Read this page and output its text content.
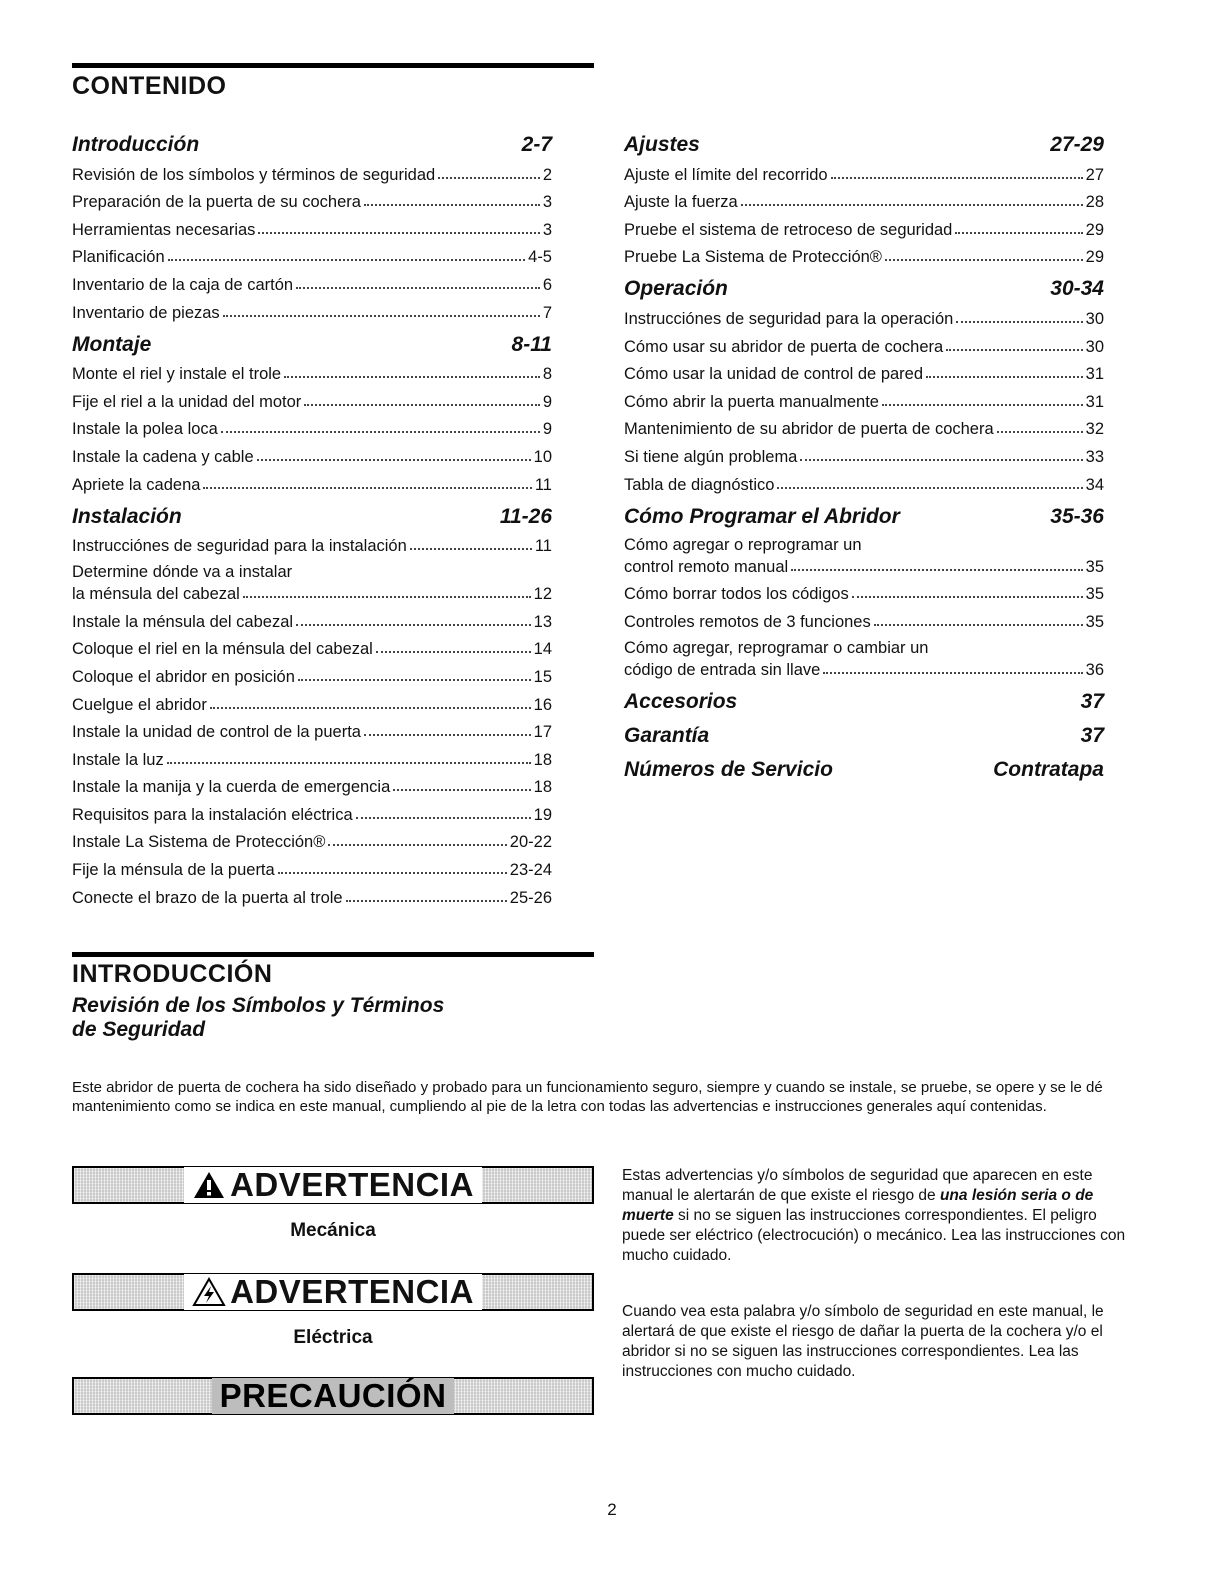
CONTENIDO
Introducción	2-7
Revisión de los símbolos y términos de seguridad	2
Preparación de la puerta de su cochera	3
Herramientas necesarias	3
Planificación	4-5
Inventario de la caja de cartón	6
Inventario de piezas	7
Montaje	8-11
Monte el riel y instale el trole	8
Fije el riel a la unidad del motor	9
Instale la polea loca	9
Instale la cadena y cable	10
Apriete la cadena	11
Instalación	11-26
Instrucciónes de seguridad para la instalación	11
Determine dónde va a instalar
la ménsula del cabezal	12
Instale la ménsula del cabezal	13
Coloque el riel en la ménsula del cabezal	14
Coloque el abridor en posición	15
Cuelgue el abridor	16
Instale la unidad de control de la puerta	17
Instale la luz	18
Instale la manija y la cuerda de emergencia	18
Requisitos para la instalación eléctrica	19
Instale La Sistema de Protección®	20-22
Fije la ménsula de la puerta	23-24
Conecte el brazo de la puerta al trole	25-26
Ajustes	27-29
Ajuste el límite del recorrido	27
Ajuste la fuerza	28
Pruebe el sistema de retroceso de seguridad	29
Pruebe La Sistema de Protección®	29
Operación	30-34
Instrucciónes de seguridad para la operación	30
Cómo usar su abridor de puerta de cochera	30
Cómo usar la unidad de control de pared	31
Cómo abrir la puerta manualmente	31
Mantenimiento de su abridor de puerta de cochera	32
Si tiene algún problema	33
Tabla de diagnóstico	34
Cómo Programar el Abridor	35-36
Cómo agregar o reprogramar un
control remoto manual	35
Cómo borrar todos los códigos	35
Controles remotos de 3 funciones	35
Cómo agregar, reprogramar o cambiar un
código de entrada sin llave	36
Accesorios	37
Garantía	37
Números de Servicio	Contratapa
INTRODUCCIÓN
Revisión de los Símbolos y Términos
de Seguridad
Este abridor de puerta de cochera ha sido diseñado y probado para un funcionamiento seguro, siempre y cuando se instale, se pruebe, se opere y se le dé mantenimiento como se indica en este manual, cumpliendo al pie de la letra con todas las advertencias e instrucciones generales aquí contenidas.
ADVERTENCIA
Mecánica
ADVERTENCIA
Eléctrica
PRECAUCIÓN
Estas advertencias y/o símbolos de seguridad que aparecen en este manual le alertarán de que existe el riesgo de una lesión seria o de muerte si no se siguen las instrucciones correspondientes. El peligro puede ser eléctrico (electrocución) o mecánico. Lea las instrucciones con mucho cuidado.
Cuando vea esta palabra y/o símbolo de seguridad en este manual, le alertará de que existe el riesgo de dañar la puerta de la cochera y/o el abridor si no se siguen las instrucciones correspondientes. Lea las instrucciones con mucho cuidado.
2
